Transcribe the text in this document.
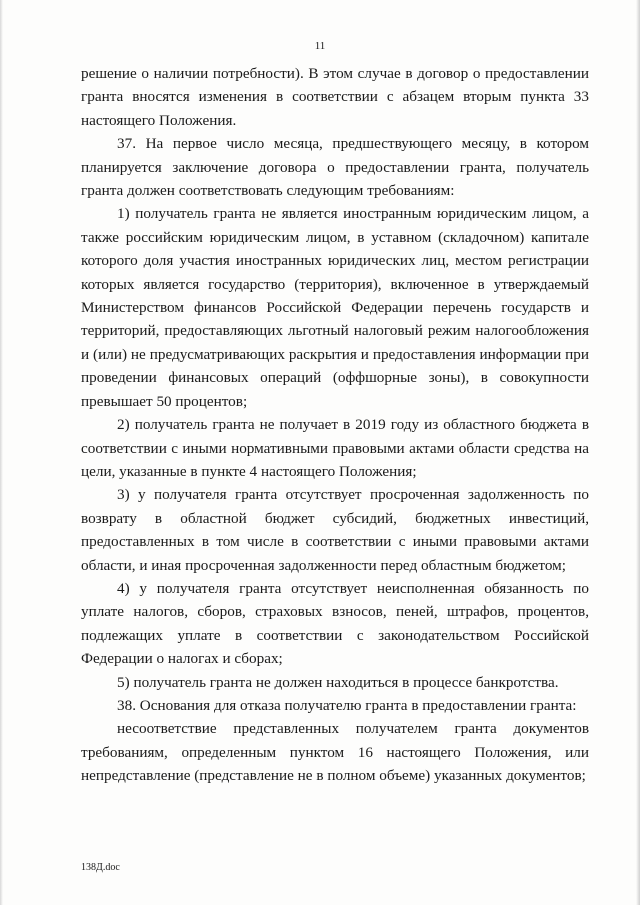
11

решение о наличии потребности). В этом случае в договор о предоставлении гранта вносятся изменения в соответствии с абзацем вторым пункта 33 настоящего Положения.

37. На первое число месяца, предшествующего месяцу, в котором планируется заключение договора о предоставлении гранта, получатель гранта должен соответствовать следующим требованиям:

1) получатель гранта не является иностранным юридическим лицом, а также российским юридическим лицом, в уставном (складочном) капитале которого доля участия иностранных юридических лиц, местом регистрации которых является государство (территория), включенное в утверждаемый Министерством финансов Российской Федерации перечень государств и территорий, предоставляющих льготный налоговый режим налогообложения и (или) не предусматривающих раскрытия и предоставления информации при проведении финансовых операций (оффшорные зоны), в совокупности превышает 50 процентов;

2) получатель гранта не получает в 2019 году из областного бюджета в соответствии с иными нормативными правовыми актами области средства на цели, указанные в пункте 4 настоящего Положения;

3) у получателя гранта отсутствует просроченная задолженность по возврату в областной бюджет субсидий, бюджетных инвестиций, предоставленных в том числе в соответствии с иными правовыми актами области, и иная просроченная задолженности перед областным бюджетом;

4) у получателя гранта отсутствует неисполненная обязанность по уплате налогов, сборов, страховых взносов, пеней, штрафов, процентов, подлежащих уплате в соответствии с законодательством Российской Федерации о налогах и сборах;

5) получатель гранта не должен находиться в процессе банкротства.

38. Основания для отказа получателю гранта в предоставлении гранта:

несоответствие представленных получателем гранта документов требованиям, определенным пунктом 16 настоящего Положения, или непредставление (представление не в полном объеме) указанных документов;

138Д.doc
